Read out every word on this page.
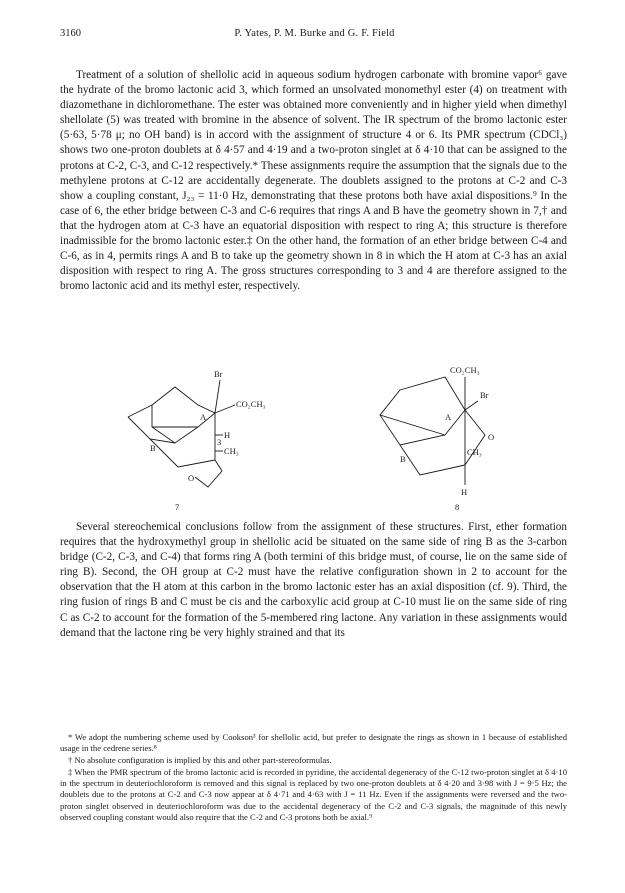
3160	P. Yates, P. M. Burke and G. F. Field

Treatment of a solution of shellolic acid in aqueous sodium hydrogen carbonate with bromine vapor⁶ gave the hydrate of the bromo lactonic acid 3, which formed an unsolvated monomethyl ester (4) on treatment with diazomethane in dichloromethane. The ester was obtained more conveniently and in higher yield when dimethyl shellolate (5) was treated with bromine in the absence of solvent. The IR spectrum of the bromo lactonic ester (5·63, 5·78 μ; no OH band) is in accord with the assignment of structure 4 or 6. Its PMR spectrum (CDCl₃) shows two one-proton doublets at δ 4·57 and 4·19 and a two-proton singlet at δ 4·10 that can be assigned to the protons at C-2, C-3, and C-12 respectively.* These assignments require the assumption that the signals due to the methylene protons at C-12 are accidentally degenerate. The doublets assigned to the protons at C-2 and C-3 show a coupling constant, J₂₃ = 11·0 Hz, demonstrating that these protons both have axial dispositions.⁹ In the case of 6, the ether bridge between C-3 and C-6 requires that rings A and B have the geometry shown in 7,† and that the hydrogen atom at C-3 have an equatorial disposition with respect to ring A; this structure is therefore inadmissible for the bromo lactonic ester.‡ On the other hand, the formation of an ether bridge between C-4 and C-6, as in 4, permits rings A and B to take up the geometry shown in 8 in which the H atom at C-3 has an axial disposition with respect to ring A. The gross structures corresponding to 3 and 4 are therefore assigned to the bromo lactonic acid and its methyl ester, respectively.

Br
CO₂CH₃
A
B
3
H
CH₃
O
7
CO₂CH₃
Br
A
B
O
CH₃
H
8

Several stereochemical conclusions follow from the assignment of these structures. First, ether formation requires that the hydroxymethyl group in shellolic acid be situated on the same side of ring B as the 3-carbon bridge (C-2, C-3, and C-4) that forms ring A (both termini of this bridge must, of course, lie on the same side of ring B). Second, the OH group at C-2 must have the relative configuration shown in 2 to account for the observation that the H atom at this carbon in the bromo lactonic ester has an axial disposition (cf. 9). Third, the ring fusion of rings B and C must be cis and the carboxylic acid group at C-10 must lie on the same side of ring C as C-2 to account for the formation of the 5-membered ring lactone. Any variation in these assignments would demand that the lactone ring be very highly strained and that its

* We adopt the numbering scheme used by Cookson³ for shellolic acid, but prefer to designate the rings as shown in 1 because of established usage in the cedrene series.⁸

† No absolute configuration is implied by this and other part-stereoformulas.

‡ When the PMR spectrum of the bromo lactonic acid is recorded in pyridine, the accidental degeneracy of the C-12 two-proton singlet at δ 4·10 in the spectrum in deuteriochloroform is removed and this signal is replaced by two one-proton doublets at δ 4·20 and 3·98 with J = 9·5 Hz; the doublets due to the protons at C-2 and C-3 now appear at δ 4·71 and 4·63 with J = 11 Hz. Even if the assignments were reversed and the two-proton singlet observed in deuteriochloroform was due to the accidental degeneracy of the C-2 and C-3 signals, the magnitude of this newly observed coupling constant would also require that the C-2 and C-3 protons both be axial.⁹
